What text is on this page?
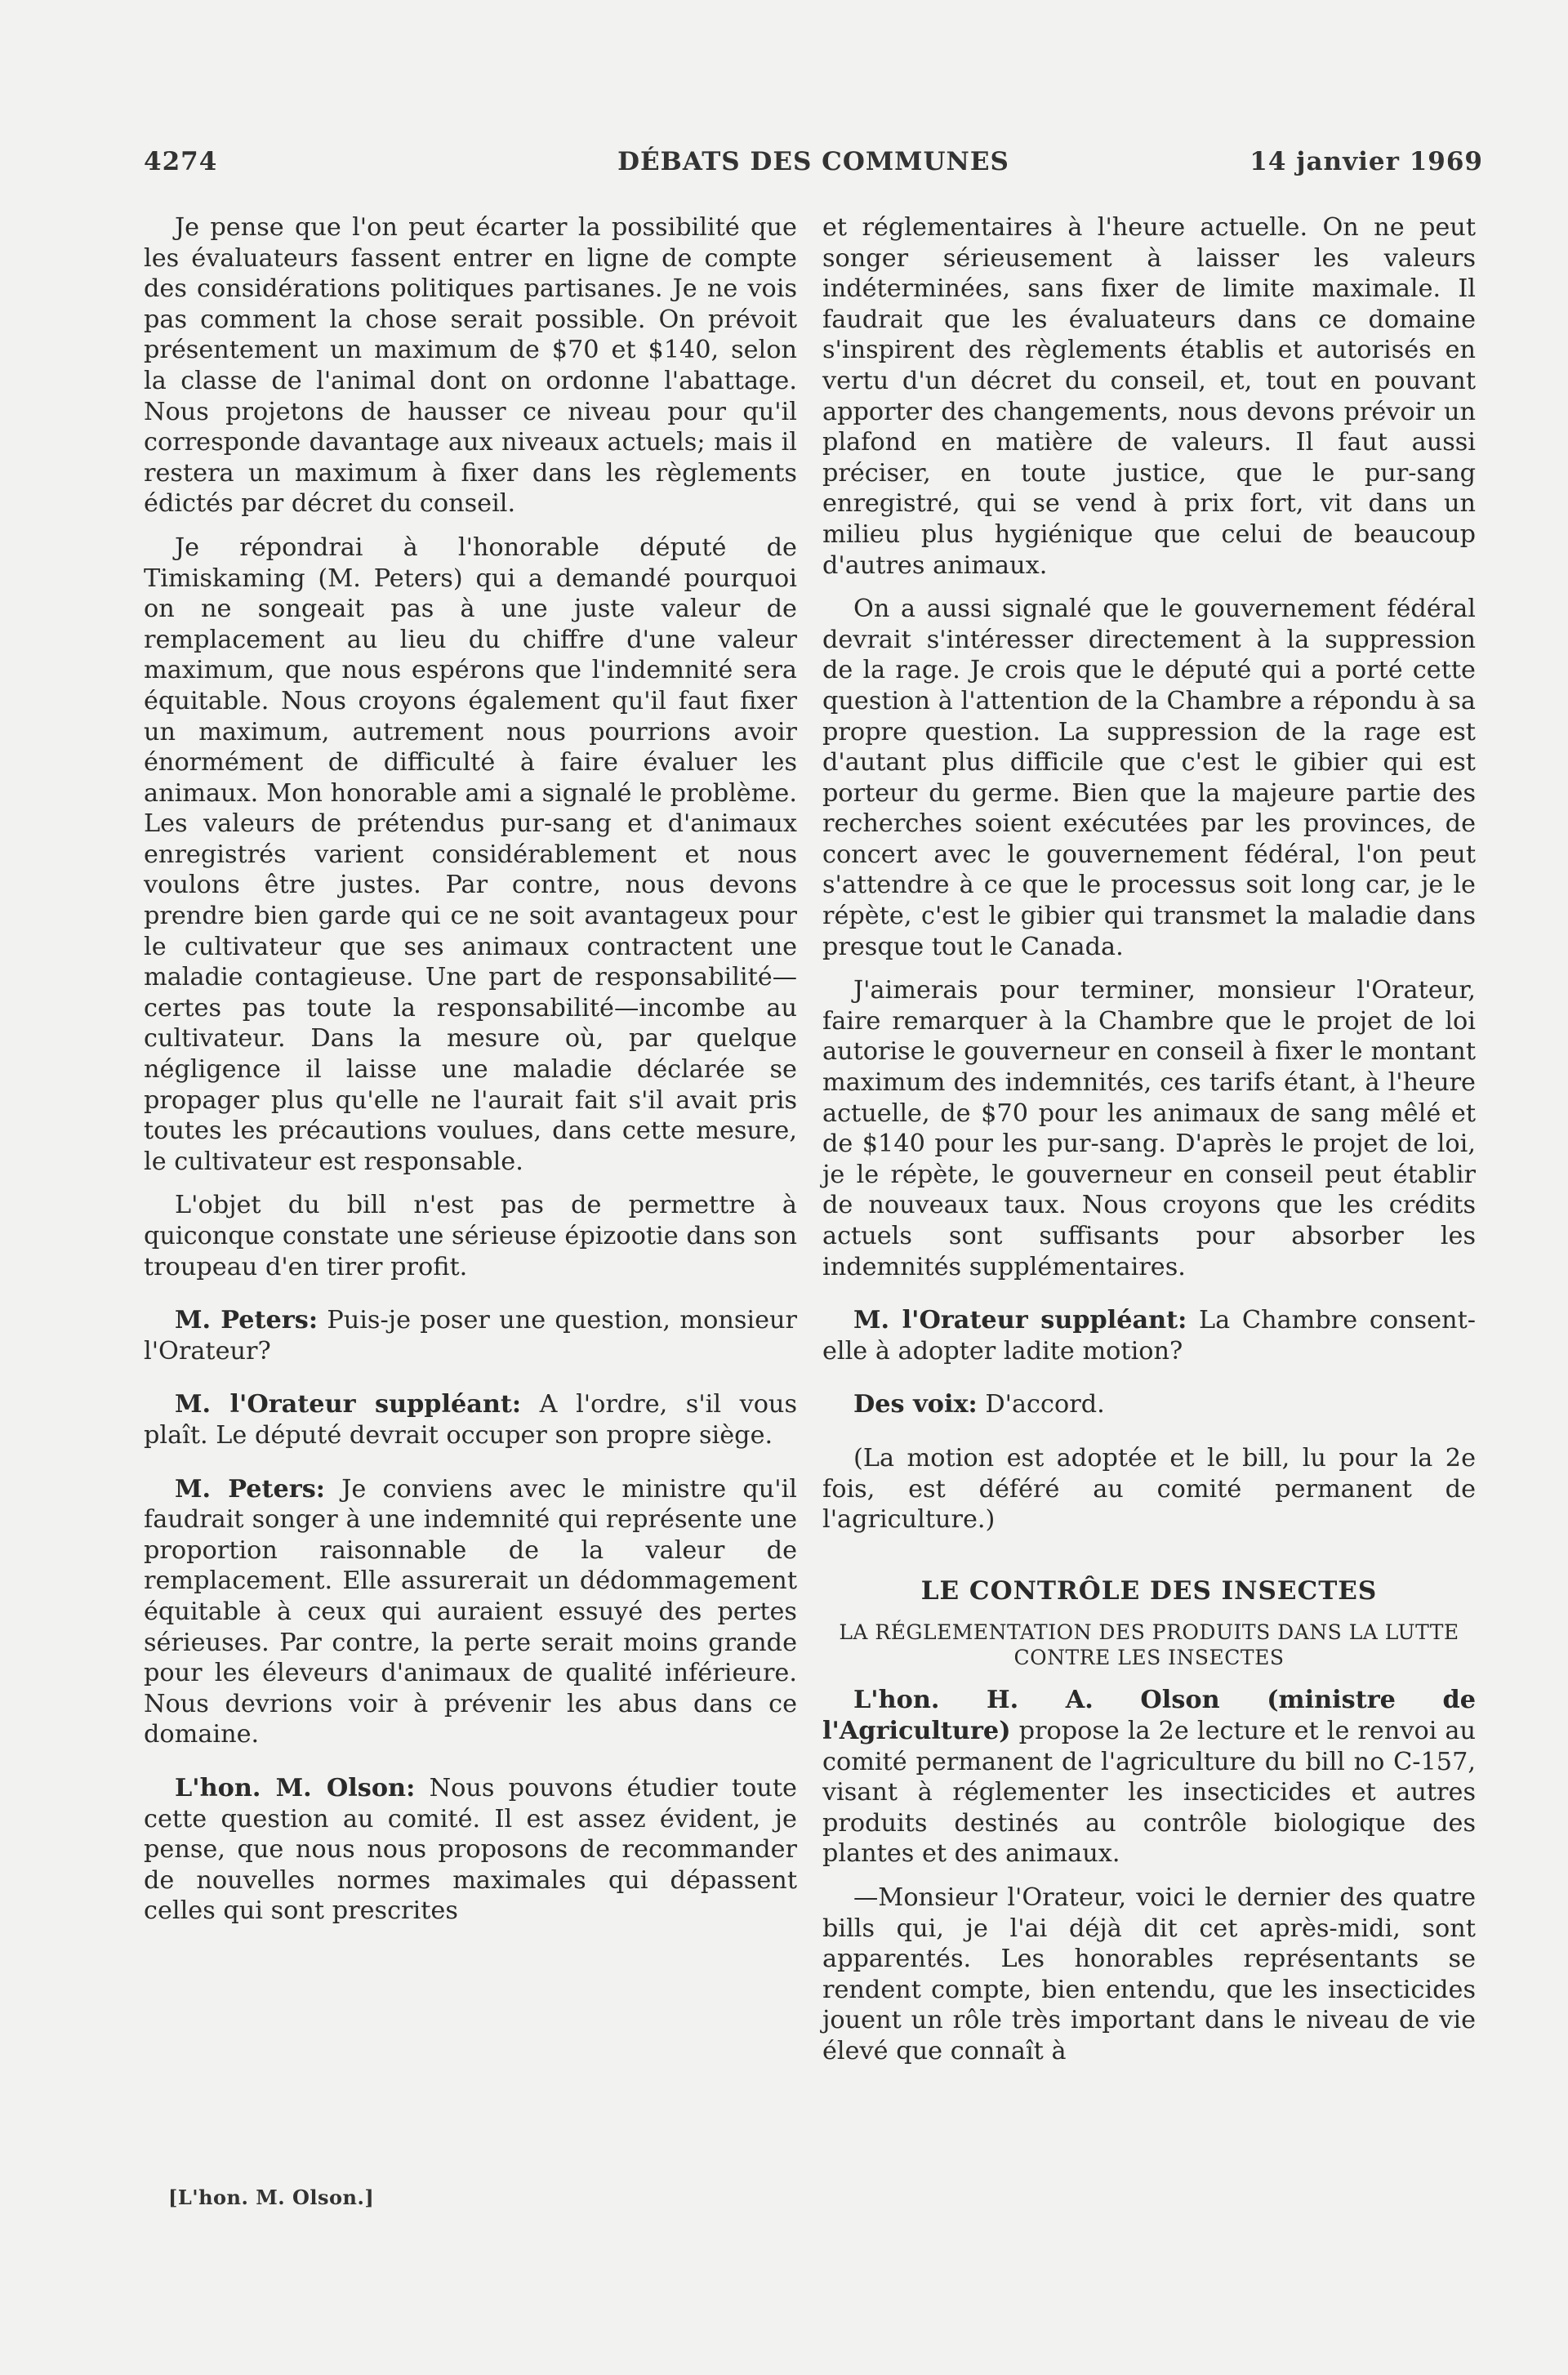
4274	DÉBATS DES COMMUNES	14 janvier 1969

Je pense que l'on peut écarter la possibilité que les évaluateurs fassent entrer en ligne de compte des considérations politiques partisanes. Je ne vois pas comment la chose serait possible. On prévoit présentement un maximum de $70 et $140, selon la classe de l'animal dont on ordonne l'abattage. Nous projetons de hausser ce niveau pour qu'il corresponde davantage aux niveaux actuels; mais il restera un maximum à fixer dans les règlements édictés par décret du conseil.

Je répondrai à l'honorable député de Timiskaming (M. Peters) qui a demandé pourquoi on ne songeait pas à une juste valeur de remplacement au lieu du chiffre d'une valeur maximum, que nous espérons que l'indemnité sera équitable. Nous croyons également qu'il faut fixer un maximum, autrement nous pourrions avoir énormément de difficulté à faire évaluer les animaux. Mon honorable ami a signalé le problème. Les valeurs de prétendus pur-sang et d'animaux enregistrés varient considérablement et nous voulons être justes. Par contre, nous devons prendre bien garde qui ce ne soit avantageux pour le cultivateur que ses animaux contractent une maladie contagieuse. Une part de responsabilité—certes pas toute la responsabilité—incombe au cultivateur. Dans la mesure où, par quelque négligence il laisse une maladie déclarée se propager plus qu'elle ne l'aurait fait s'il avait pris toutes les précautions voulues, dans cette mesure, le cultivateur est responsable.

L'objet du bill n'est pas de permettre à quiconque constate une sérieuse épizootie dans son troupeau d'en tirer profit.

M. Peters: Puis-je poser une question, monsieur l'Orateur?

M. l'Orateur suppléant: A l'ordre, s'il vous plaît. Le député devrait occuper son propre siège.

M. Peters: Je conviens avec le ministre qu'il faudrait songer à une indemnité qui représente une proportion raisonnable de la valeur de remplacement. Elle assurerait un dédommagement équitable à ceux qui auraient essuyé des pertes sérieuses. Par contre, la perte serait moins grande pour les éleveurs d'animaux de qualité inférieure. Nous devrions voir à prévenir les abus dans ce domaine.

L'hon. M. Olson: Nous pouvons étudier toute cette question au comité. Il est assez évident, je pense, que nous nous proposons de recommander de nouvelles normes maximales qui dépassent celles qui sont prescrites

et réglementaires à l'heure actuelle. On ne peut songer sérieusement à laisser les valeurs indéterminées, sans fixer de limite maximale. Il faudrait que les évaluateurs dans ce domaine s'inspirent des règlements établis et autorisés en vertu d'un décret du conseil, et, tout en pouvant apporter des changements, nous devons prévoir un plafond en matière de valeurs. Il faut aussi préciser, en toute justice, que le pur-sang enregistré, qui se vend à prix fort, vit dans un milieu plus hygiénique que celui de beaucoup d'autres animaux.

On a aussi signalé que le gouvernement fédéral devrait s'intéresser directement à la suppression de la rage. Je crois que le député qui a porté cette question à l'attention de la Chambre a répondu à sa propre question. La suppression de la rage est d'autant plus difficile que c'est le gibier qui est porteur du germe. Bien que la majeure partie des recherches soient exécutées par les provinces, de concert avec le gouvernement fédéral, l'on peut s'attendre à ce que le processus soit long car, je le répète, c'est le gibier qui transmet la maladie dans presque tout le Canada.

J'aimerais pour terminer, monsieur l'Orateur, faire remarquer à la Chambre que le projet de loi autorise le gouverneur en conseil à fixer le montant maximum des indemnités, ces tarifs étant, à l'heure actuelle, de $70 pour les animaux de sang mêlé et de $140 pour les pur-sang. D'après le projet de loi, je le répète, le gouverneur en conseil peut établir de nouveaux taux. Nous croyons que les crédits actuels sont suffisants pour absorber les indemnités supplémentaires.

M. l'Orateur suppléant: La Chambre consent-elle à adopter ladite motion?

Des voix: D'accord.

(La motion est adoptée et le bill, lu pour la 2e fois, est déféré au comité permanent de l'agriculture.)

LE CONTRÔLE DES INSECTES
LA RÉGLEMENTATION DES PRODUITS DANS LA LUTTE CONTRE LES INSECTES

L'hon. H. A. Olson (ministre de l'Agriculture) propose la 2e lecture et le renvoi au comité permanent de l'agriculture du bill no C-157, visant à réglementer les insecticides et autres produits destinés au contrôle biologique des plantes et des animaux.

—Monsieur l'Orateur, voici le dernier des quatre bills qui, je l'ai déjà dit cet après-midi, sont apparentés. Les honorables représentants se rendent compte, bien entendu, que les insecticides jouent un rôle très important dans le niveau de vie élevé que connaît à

[L'hon. M. Olson.]
